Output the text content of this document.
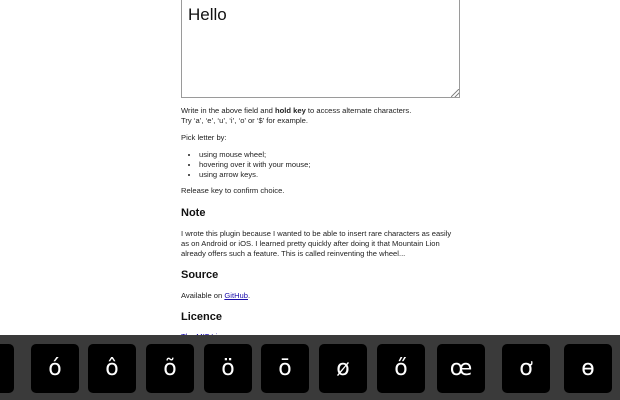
Hello

Write in the above field and hold key to access alternate characters.

Try ‘a’, ‘e’, ‘u’, ‘i’, ‘o’ or ‘$’ for example.

Pick letter by:

• using mouse wheel;
• hovering over it with your mouse;
• using arrow keys.

Release key to confirm choice.

Note

I wrote this plugin because I wanted to be able to insert rare characters as easily as on Android or iOS. I learned pretty quickly after doing it that Mountain Lion already offers such a feature. This is called reinventing the wheel...

Source

Available on GitHub.

Licence
ó	ô	õ	ö	ō	ø	ő	œ	ơ	ɵ
